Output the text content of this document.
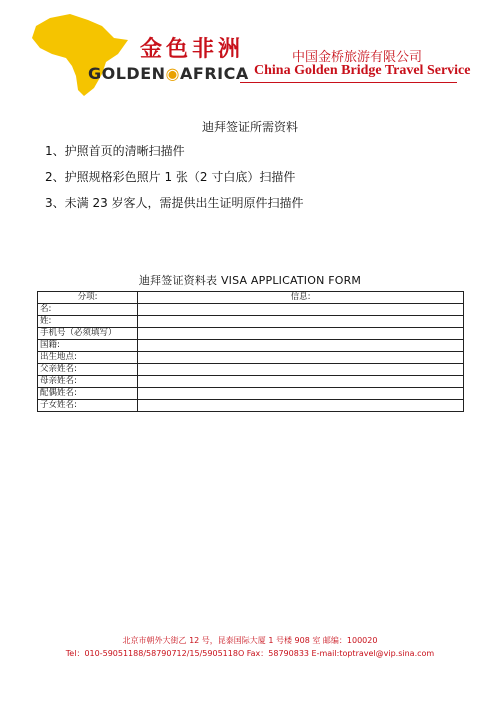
金色非洲
GOLDEN◉AFRICA
中国金桥旅游有限公司
China Golden Bridge Travel Service
迪拜签证所需资料
1、护照首页的清晰扫描件
2、护照规格彩色照片 1 张（2 寸白底）扫描件
3、未满 23 岁客人，需提供出生证明原件扫描件
迪拜签证资料表 VISA APPLICATION FORM
分项:	信息:
名:	
姓:	
手机号（必须填写）	
国籍:	
出生地点:	
父亲姓名:	
母亲姓名:	
配偶姓名:	
子女姓名:	
北京市朝外大街乙 12 号，昆泰国际大厦 1 号楼 908 室 邮编：100020
Tel：010-59051188/58790712/15/5905118O Fax：58790833 E-mail:toptravel@vip.sina.com
